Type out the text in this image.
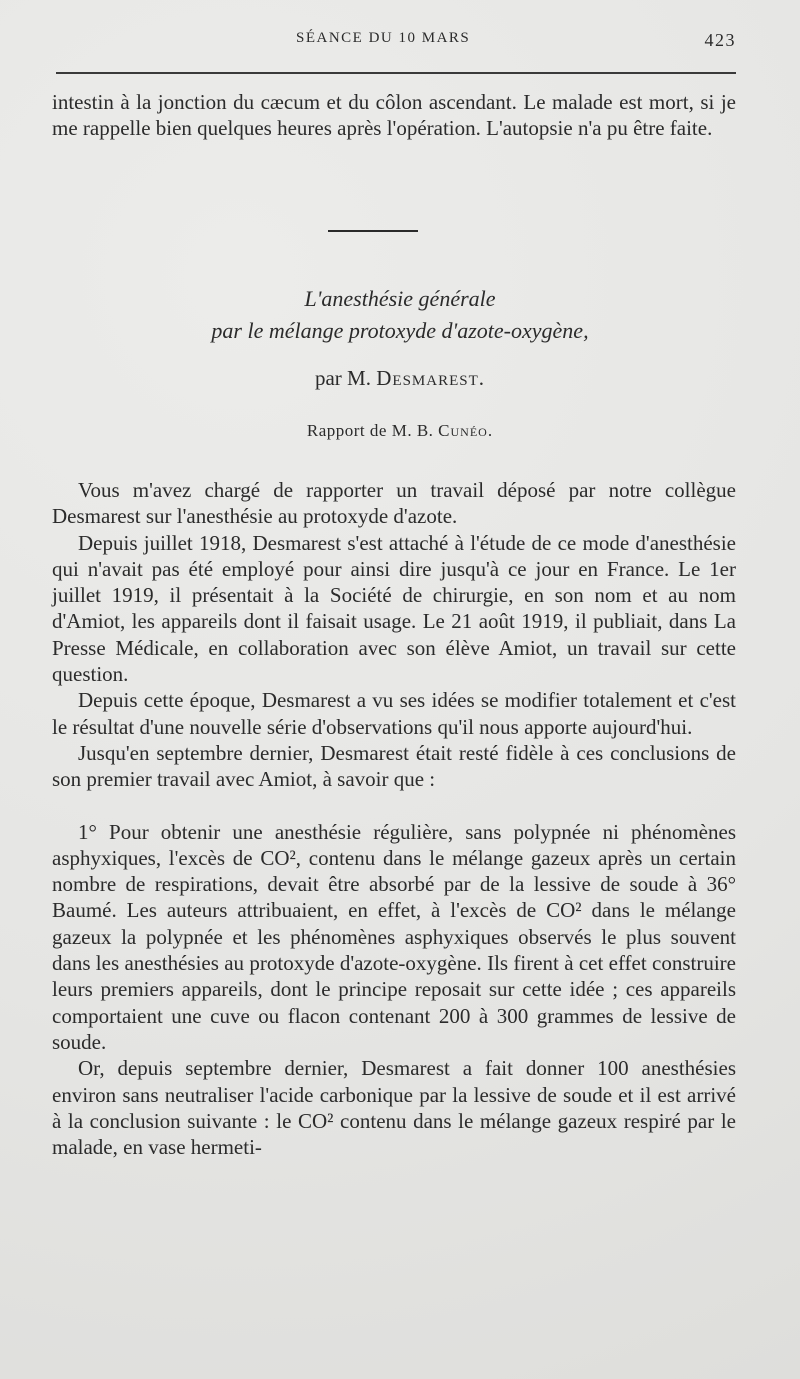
SÉANCE DU 10 MARS	423

intestin à la jonction du cæcum et du côlon ascendant. Le malade est mort, si je me rappelle bien quelques heures après l'opération. L'autopsie n'a pu être faite.

L'anesthésie générale
par le mélange protoxyde d'azote-oxygène,
par M. Desmarest.
Rapport de M. B. Cunéo.

Vous m'avez chargé de rapporter un travail déposé par notre collègue Desmarest sur l'anesthésie au protoxyde d'azote.

Depuis juillet 1918, Desmarest s'est attaché à l'étude de ce mode d'anesthésie qui n'avait pas été employé pour ainsi dire jusqu'à ce jour en France. Le 1er juillet 1919, il présentait à la Société de chirurgie, en son nom et au nom d'Amiot, les appareils dont il faisait usage. Le 21 août 1919, il publiait, dans La Presse Médicale, en collaboration avec son élève Amiot, un travail sur cette question.

Depuis cette époque, Desmarest a vu ses idées se modifier totalement et c'est le résultat d'une nouvelle série d'observations qu'il nous apporte aujourd'hui.

Jusqu'en septembre dernier, Desmarest était resté fidèle à ces conclusions de son premier travail avec Amiot, à savoir que :

1° Pour obtenir une anesthésie régulière, sans polypnée ni phénomènes asphyxiques, l'excès de CO², contenu dans le mélange gazeux après un certain nombre de respirations, devait être absorbé par de la lessive de soude à 36° Baumé. Les auteurs attribuaient, en effet, à l'excès de CO² dans le mélange gazeux la polypnée et les phénomènes asphyxiques observés le plus souvent dans les anesthésies au protoxyde d'azote-oxygène. Ils firent à cet effet construire leurs premiers appareils, dont le principe reposait sur cette idée ; ces appareils comportaient une cuve ou flacon contenant 200 à 300 grammes de lessive de soude.

Or, depuis septembre dernier, Desmarest a fait donner 100 anesthésies environ sans neutraliser l'acide carbonique par la lessive de soude et il est arrivé à la conclusion suivante : le CO² contenu dans le mélange gazeux respiré par le malade, en vase hermeti-
